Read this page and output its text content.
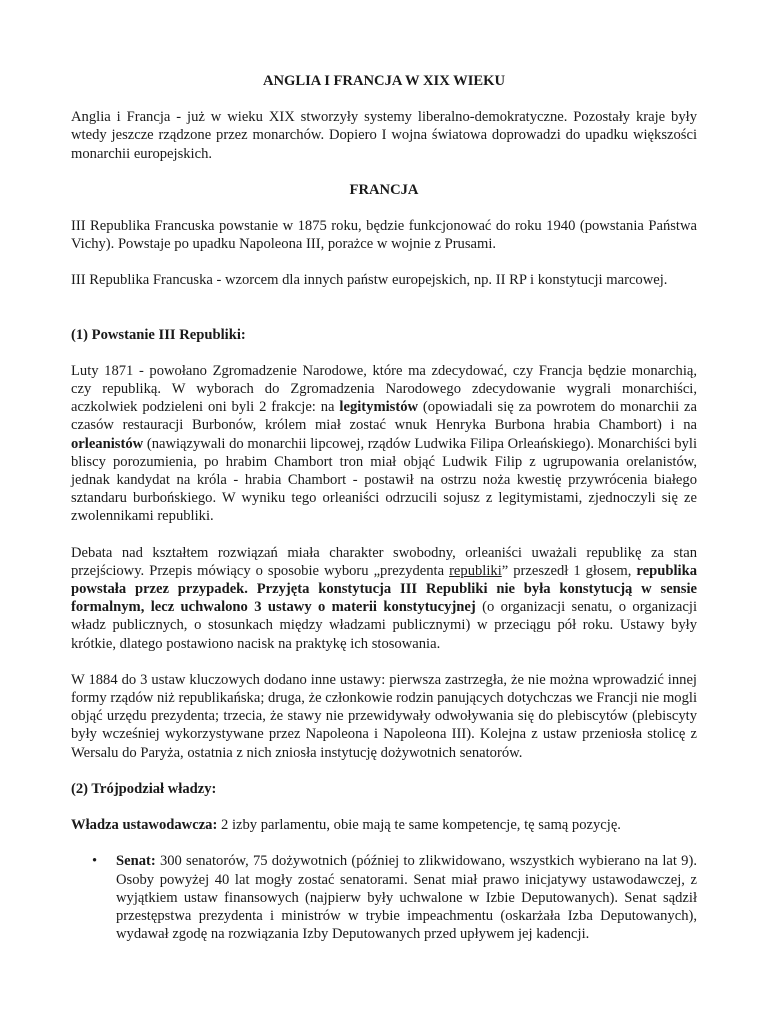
ANGLIA I FRANCJA W XIX WIEKU

Anglia i Francja - już w wieku XIX stworzyły systemy liberalno-demokratyczne. Pozostały kraje były wtedy jeszcze rządzone przez monarchów. Dopiero I wojna światowa doprowadzi do upadku większości monarchii europejskich.

FRANCJA

III Republika Francuska powstanie w 1875 roku, będzie funkcjonować do roku 1940 (powstania Państwa Vichy). Powstaje po upadku Napoleona III, porażce w wojnie z Prusami.

III Republika Francuska - wzorcem dla innych państw europejskich, np. II RP i konstytucji marcowej.

(1) Powstanie III Republiki:

Luty 1871 - powołano Zgromadzenie Narodowe, które ma zdecydować, czy Francja będzie monarchią, czy republiką. W wyborach do Zgromadzenia Narodowego zdecydowanie wygrali monarchiści, aczkolwiek podzieleni oni byli 2 frakcje: na legitymistów (opowiadali się za powrotem do monarchii za czasów restauracji Burbonów, królem miał zostać wnuk Henryka Burbona hrabia Chambort) i na orleanistów (nawiązywali do monarchii lipcowej, rządów Ludwika Filipa Orleańskiego). Monarchiści byli bliscy porozumienia, po hrabim Chambort tron miał objąć Ludwik Filip z ugrupowania orelanistów, jednak kandydat na króla - hrabia Chambort - postawił na ostrzu noża kwestię przywrócenia białego sztandaru burbońskiego. W wyniku tego orleaniści odrzucili sojusz z legitymistami, zjednoczyli się ze zwolennikami republiki.

Debata nad kształtem rozwiązań miała charakter swobodny, orleaniści uważali republikę za stan przejściowy. Przepis mówiący o sposobie wyboru „prezydenta republiki” przeszedł 1 głosem, republika powstała przez przypadek. Przyjęta konstytucja III Republiki nie była konstytucją w sensie formalnym, lecz uchwalono 3 ustawy o materii konstytucyjnej (o organizacji senatu, o organizacji władz publicznych, o stosunkach między władzami publicznymi) w przeciągu pół roku. Ustawy były krótkie, dlatego postawiono nacisk na praktykę ich stosowania.

W 1884 do 3 ustaw kluczowych dodano inne ustawy: pierwsza zastrzegła, że nie można wprowadzić innej formy rządów niż republikańska; druga, że członkowie rodzin panujących dotychczas we Francji nie mogli objąć urzędu prezydenta; trzecia, że stawy nie przewidywały odwoływania się do plebiscytów (plebiscyty były wcześniej wykorzystywane przez Napoleona i Napoleona III). Kolejna z ustaw przeniosła stolicę z Wersalu do Paryża, ostatnia z nich zniosła instytucję dożywotnich senatorów.

(2) Trójpodział władzy:

Władza ustawodawcza: 2 izby parlamentu, obie mają te same kompetencje, tę samą pozycję.

• Senat: 300 senatorów, 75 dożywotnich (później to zlikwidowano, wszystkich wybierano na lat 9). Osoby powyżej 40 lat mogły zostać senatorami. Senat miał prawo inicjatywy ustawodawczej, z wyjątkiem ustaw finansowych (najpierw były uchwalone w Izbie Deputowanych). Senat sądził przestępstwa prezydenta i ministrów w trybie impeachmentu (oskarżała Izba Deputowanych), wydawał zgodę na rozwiązania Izby Deputowanych przed upływem jej kadencji.
